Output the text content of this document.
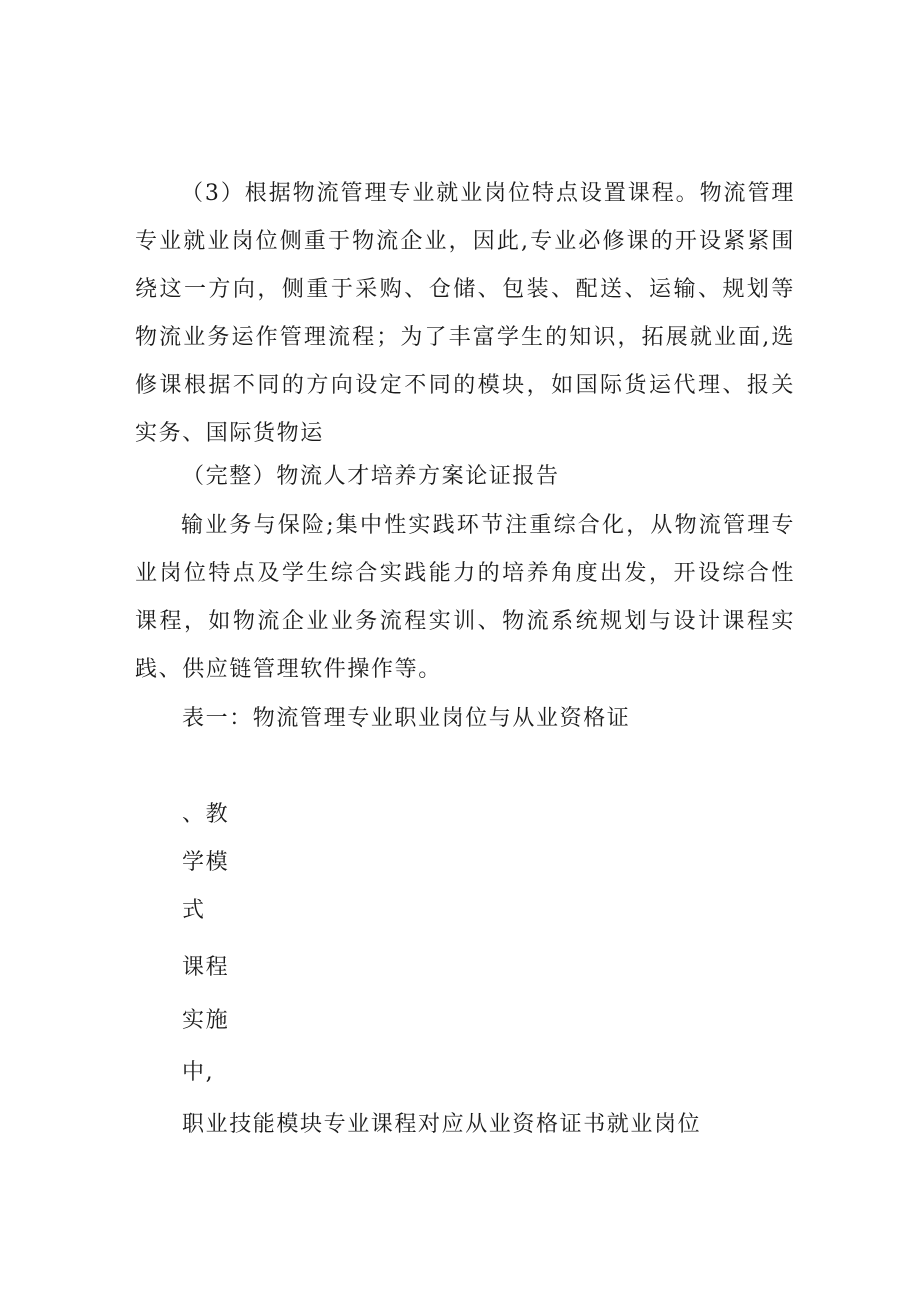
（3）根据物流管理专业就业岗位特点设置课程。物流管理专业就业岗位侧重于物流企业，因此,专业必修课的开设紧紧围绕这一方向，侧重于采购、仓储、包装、配送、运输、规划等物流业务运作管理流程；为了丰富学生的知识，拓展就业面,选修课根据不同的方向设定不同的模块，如国际货运代理、报关实务、国际货物运

（完整）物流人才培养方案论证报告

输业务与保险;集中性实践环节注重综合化，从物流管理专业岗位特点及学生综合实践能力的培养角度出发，开设综合性课程，如物流企业业务流程实训、物流系统规划与设计课程实践、供应链管理软件操作等。

表一：物流管理专业职业岗位与从业资格证

、教

学模

式

课程

实施

中,

职业技能模块专业课程对应从业资格证书就业岗位
